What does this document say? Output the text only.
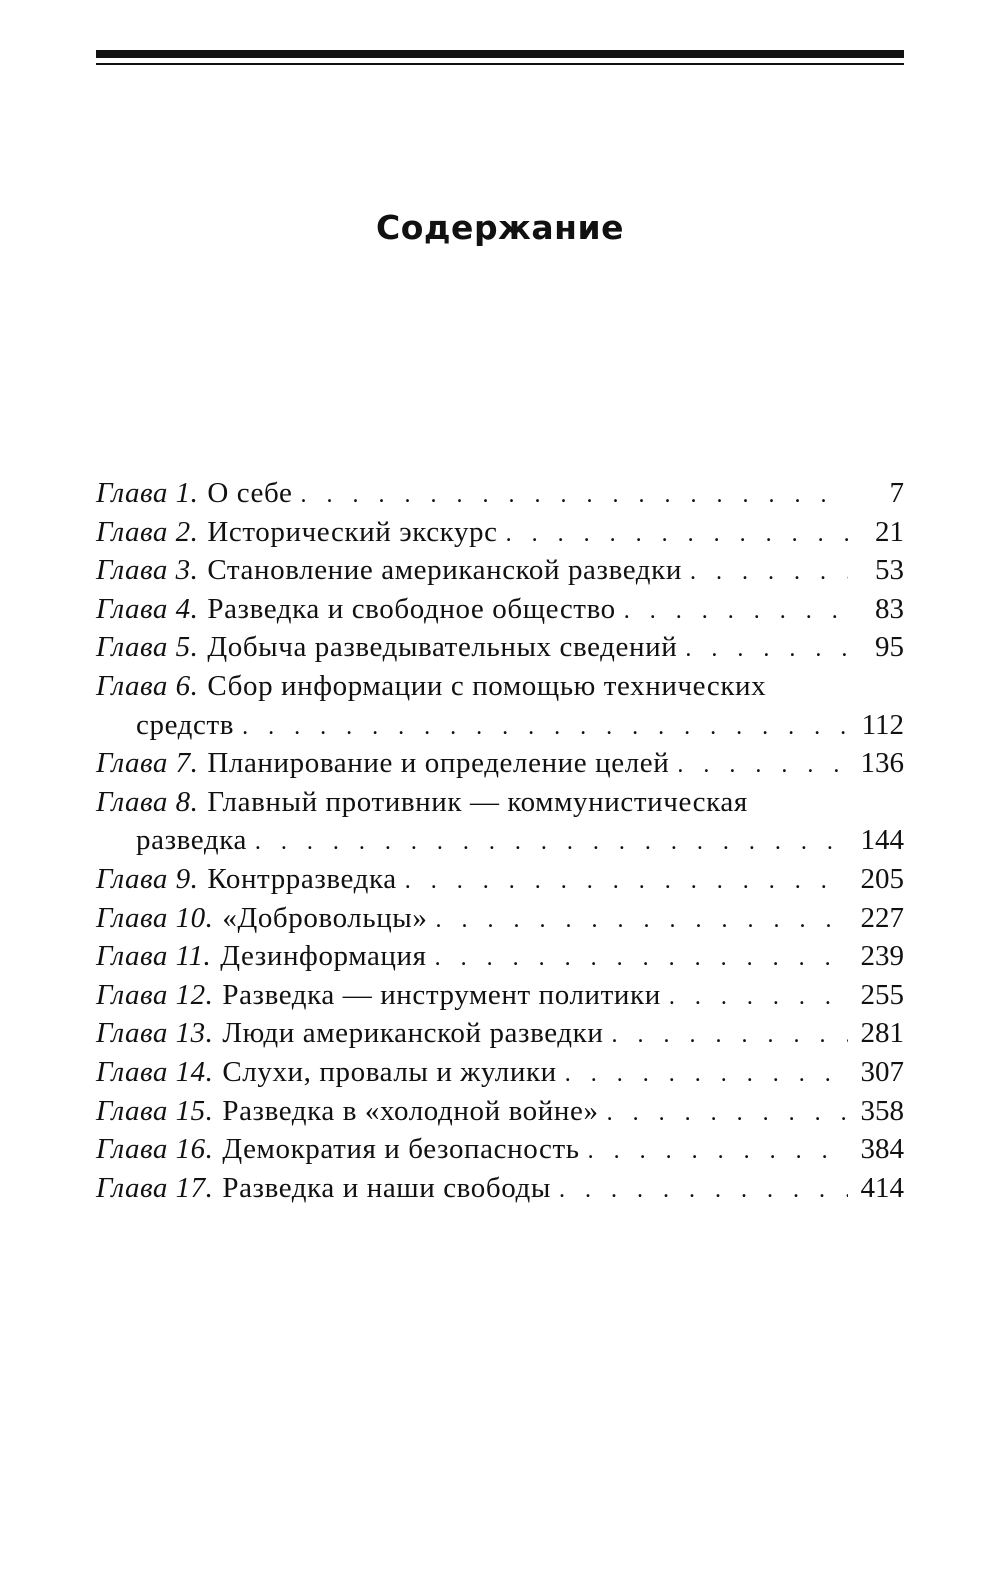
Содержание
Глава 1. О себе . . .	7
Глава 2. Исторический экскурс . . .	21
Глава 3. Становление американской разведки . . .	53
Глава 4. Разведка и свободное общество . . .	83
Глава 5. Добыча разведывательных сведений . . .	95
Глава 6. Сбор информации с помощью технических
средств . . .	112
Глава 7. Планирование и определение целей . . .	136
Глава 8. Главный противник — коммунистическая
разведка . . .	144
Глава 9. Контрразведка . . .	205
Глава 10. «Добровольцы» . . .	227
Глава 11. Дезинформация . . .	239
Глава 12. Разведка — инструмент политики . . .	255
Глава 13. Люди американской разведки . . .	281
Глава 14. Слухи, провалы и жулики . . .	307
Глава 15. Разведка в «холодной войне» . . .	358
Глава 16. Демократия и безопасность . . .	384
Глава 17. Разведка и наши свободы . . .	414
